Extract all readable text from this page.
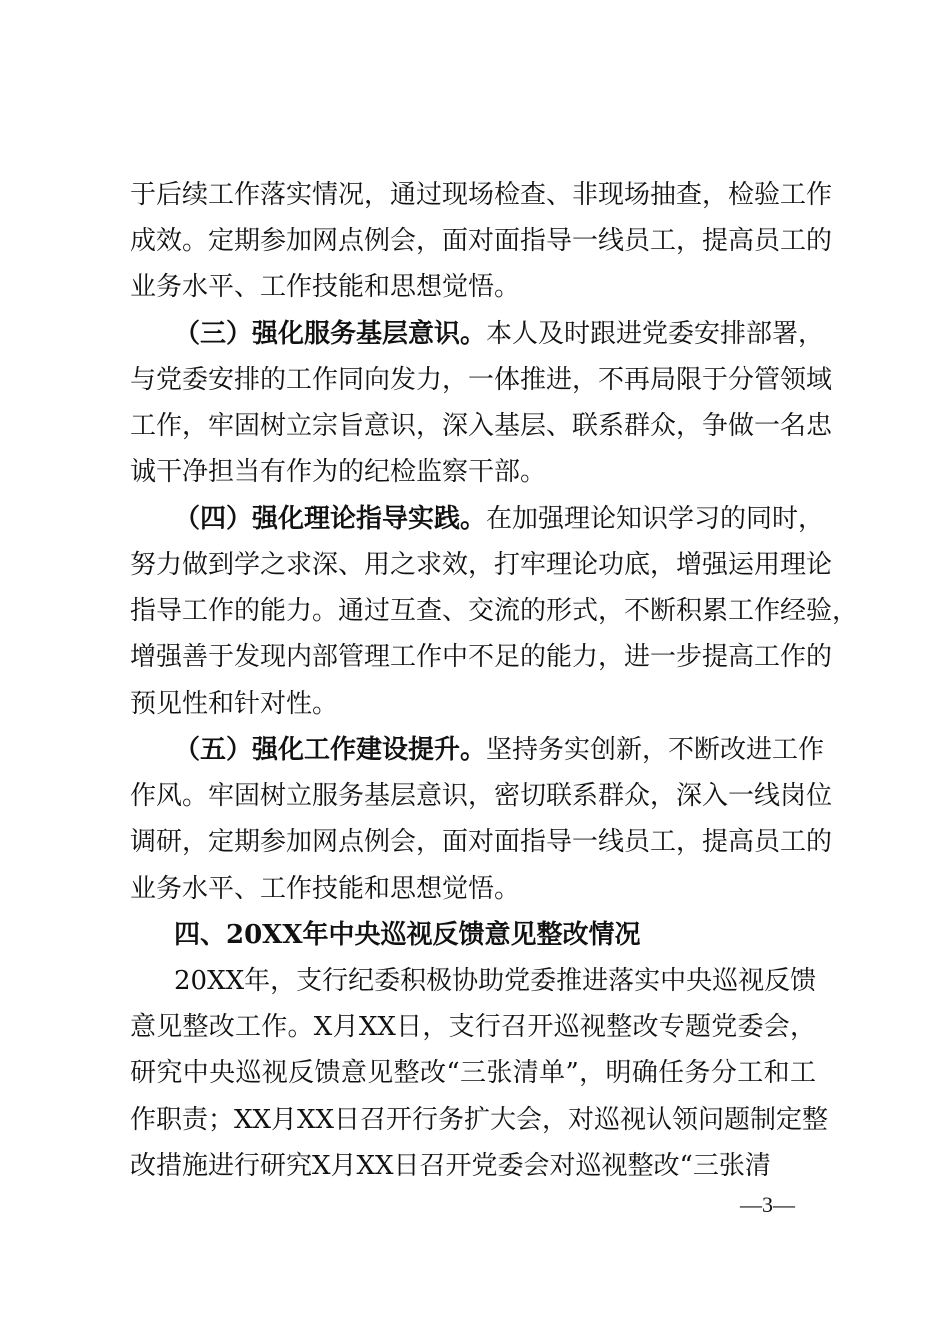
于后续工作落实情况，通过现场检查、非现场抽查，检验工作
成效。定期参加网点例会，面对面指导一线员工，提高员工的
业务水平、工作技能和思想觉悟。
（三）强化服务基层意识。本人及时跟进党委安排部署，
与党委安排的工作同向发力，一体推进，不再局限于分管领域
工作，牢固树立宗旨意识，深入基层、联系群众，争做一名忠
诚干净担当有作为的纪检监察干部。
（四）强化理论指导实践。在加强理论知识学习的同时，
努力做到学之求深、用之求效，打牢理论功底，增强运用理论
指导工作的能力。通过互查、交流的形式，不断积累工作经验，
增强善于发现内部管理工作中不足的能力，进一步提高工作的
预见性和针对性。
（五）强化工作建设提升。坚持务实创新，不断改进工作
作风。牢固树立服务基层意识，密切联系群众，深入一线岗位
调研，定期参加网点例会，面对面指导一线员工，提高员工的
业务水平、工作技能和思想觉悟。
四、20XX年中央巡视反馈意见整改情况
20XX年，支行纪委积极协助党委推进落实中央巡视反馈
意见整改工作。X月XX日，支行召开巡视整改专题党委会，
研究中央巡视反馈意见整改“三张清单”，明确任务分工和工
作职责；XX月XX日召开行务扩大会，对巡视认领问题制定整
改措施进行研究X月XX日召开党委会对巡视整改“三张清
—3—
